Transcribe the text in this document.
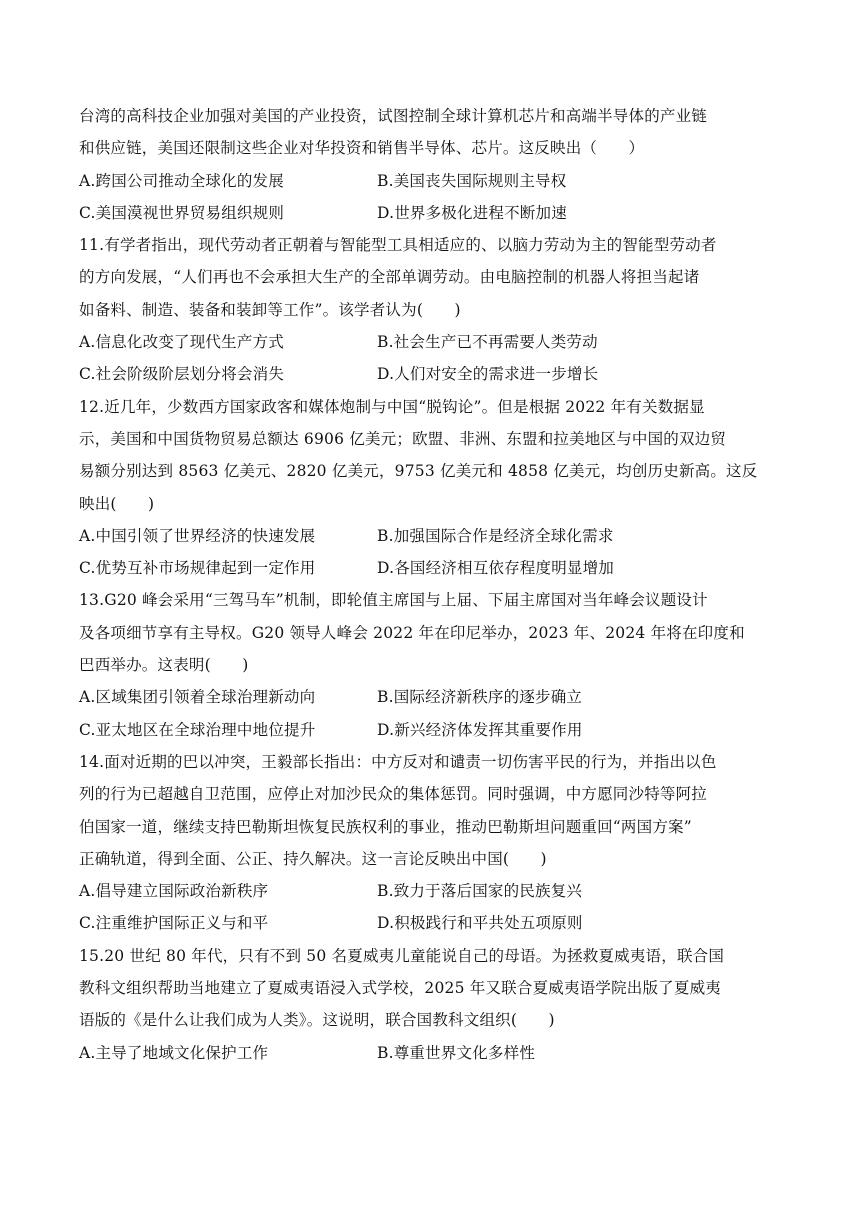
台湾的高科技企业加强对美国的产业投资，试图控制全球计算机芯片和高端半导体的产业链
和供应链，美国还限制这些企业对华投资和销售半导体、芯片。这反映出（　　）
A.跨国公司推动全球化的发展	B.美国丧失国际规则主导权
C.美国漠视世界贸易组织规则	D.世界多极化进程不断加速
11.有学者指出，现代劳动者正朝着与智能型工具相适应的、以脑力劳动为主的智能型劳动者
的方向发展，“人们再也不会承担大生产的全部单调劳动。由电脑控制的机器人将担当起诸
如备料、制造、装备和装卸等工作”。该学者认为(　　)
A.信息化改变了现代生产方式	B.社会生产已不再需要人类劳动
C.社会阶级阶层划分将会消失	D.人们对安全的需求进一步增长
12.近几年，少数西方国家政客和媒体炮制与中国“脱钩论”。但是根据 2022 年有关数据显
示，美国和中国货物贸易总额达 6906 亿美元；欧盟、非洲、东盟和拉美地区与中国的双边贸
易额分别达到 8563 亿美元、2820 亿美元，9753 亿美元和 4858 亿美元，均创历史新高。这反
映出(　　)
A.中国引领了世界经济的快速发展	B.加强国际合作是经济全球化需求
C.优势互补市场规律起到一定作用	D.各国经济相互依存程度明显增加
13.G20 峰会采用“三驾马车”机制，即轮值主席国与上届、下届主席国对当年峰会议题设计
及各项细节享有主导权。G20 领导人峰会 2022 年在印尼举办，2023 年、2024 年将在印度和
巴西举办。这表明(　　)
A.区域集团引领着全球治理新动向	B.国际经济新秩序的逐步确立
C.亚太地区在全球治理中地位提升	D.新兴经济体发挥其重要作用
14.面对近期的巴以冲突，王毅部长指出：中方反对和谴责一切伤害平民的行为，并指出以色
列的行为已超越自卫范围，应停止对加沙民众的集体惩罚。同时强调，中方愿同沙特等阿拉
伯国家一道，继续支持巴勒斯坦恢复民族权利的事业，推动巴勒斯坦问题重回“两国方案”
正确轨道，得到全面、公正、持久解决。这一言论反映出中国(　　)
A.倡导建立国际政治新秩序	B.致力于落后国家的民族复兴
C.注重维护国际正义与和平	D.积极践行和平共处五项原则
15.20 世纪 80 年代，只有不到 50 名夏威夷儿童能说自己的母语。为拯救夏威夷语，联合国
教科文组织帮助当地建立了夏威夷语浸入式学校，2025 年又联合夏威夷语学院出版了夏威夷
语版的《是什么让我们成为人类》。这说明，联合国教科文组织(　　)
A.主导了地域文化保护工作	B.尊重世界文化多样性
